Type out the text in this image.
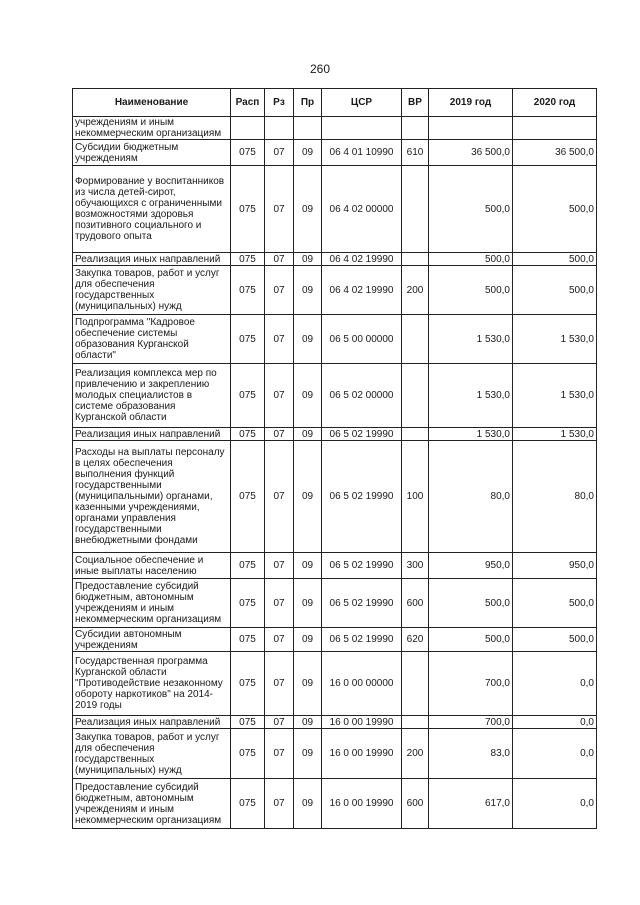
260
Наименование	Расп	Рз	Пр	ЦСР	ВР	2019 год	2020 год
учреждениям и иным некоммерческим организациям							
Субсидии бюджетным учреждениям	075	07	09	06 4 01 10990	610	36 500,0	36 500,0
Формирование у воспитанников из числа детей-сирот, обучающихся с ограниченными возможностями здоровья позитивного социального и трудового опыта	075	07	09	06 4 02 00000		500,0	500,0
Реализация иных направлений	075	07	09	06 4 02 19990		500,0	500,0
Закупка товаров, работ и услуг для обеспечения государственных (муниципальных) нужд	075	07	09	06 4 02 19990	200	500,0	500,0
Подпрограмма "Кадровое обеспечение системы образования Курганской области"	075	07	09	06 5 00 00000		1 530,0	1 530,0
Реализация комплекса мер по привлечению и закреплению молодых специалистов в системе образования Курганской области	075	07	09	06 5 02 00000		1 530,0	1 530,0
Реализация иных направлений	075	07	09	06 5 02 19990		1 530,0	1 530,0
Расходы на выплаты персоналу в целях обеспечения выполнения функций государственными (муниципальными) органами, казенными учреждениями, органами управления государственными внебюджетными фондами	075	07	09	06 5 02 19990	100	80,0	80,0
Социальное обеспечение и иные выплаты населению	075	07	09	06 5 02 19990	300	950,0	950,0
Предоставление субсидий бюджетным, автономным учреждениям и иным некоммерческим организациям	075	07	09	06 5 02 19990	600	500,0	500,0
Субсидии автономным учреждениям	075	07	09	06 5 02 19990	620	500,0	500,0
Государственная программа Курганской области "Противодействие незаконному обороту наркотиков" на 2014-2019 годы	075	07	09	16 0 00 00000		700,0	0,0
Реализация иных направлений	075	07	09	16 0 00 19990		700,0	0,0
Закупка товаров, работ и услуг для обеспечения государственных (муниципальных) нужд	075	07	09	16 0 00 19990	200	83,0	0,0
Предоставление субсидий бюджетным, автономным учреждениям и иным некоммерческим организациям	075	07	09	16 0 00 19990	600	617,0	0,0
